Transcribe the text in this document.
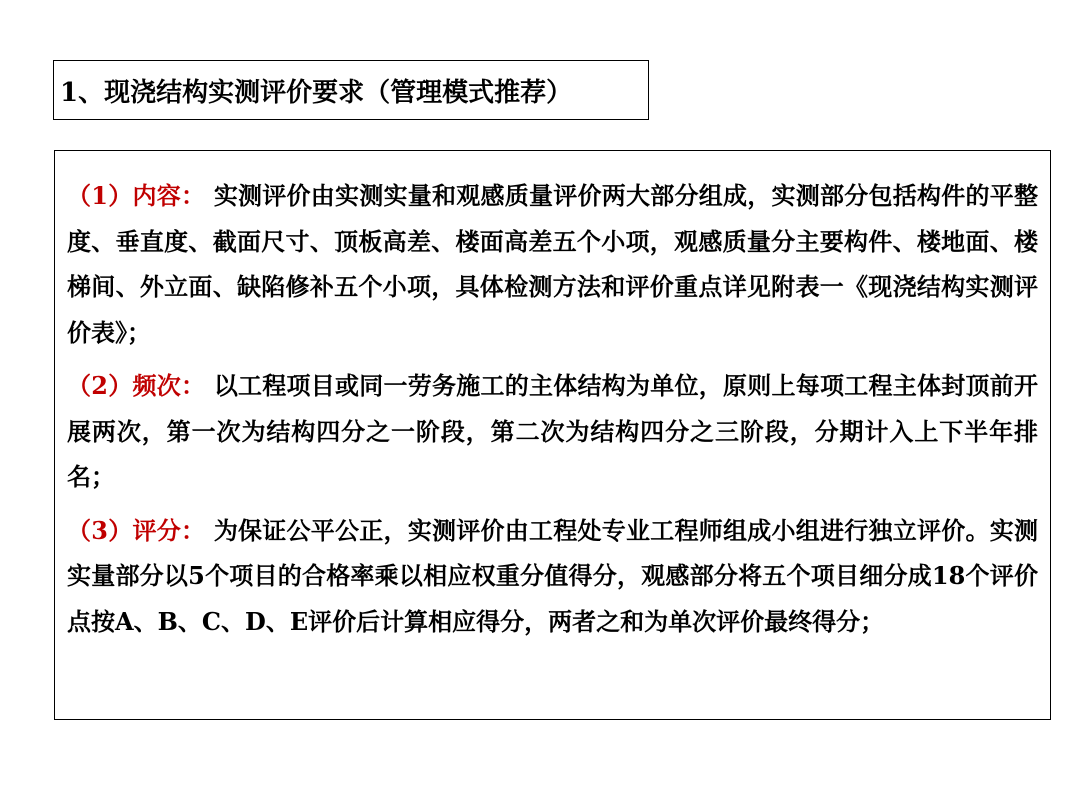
1、现浇结构实测评价要求（管理模式推荐）

（1）内容： 实测评价由实测实量和观感质量评价两大部分组成，实测部分包括构件的平整度、垂直度、截面尺寸、顶板高差、楼面高差五个小项，观感质量分主要构件、楼地面、楼梯间、外立面、缺陷修补五个小项，具体检测方法和评价重点详见附表一《现浇结构实测评价表》；

（2）频次： 以工程项目或同一劳务施工的主体结构为单位，原则上每项工程主体封顶前开展两次，第一次为结构四分之一阶段，第二次为结构四分之三阶段，分期计入上下半年排名；

（3）评分： 为保证公平公正，实测评价由工程处专业工程师组成小组进行独立评价。实测实量部分以5个项目的合格率乘以相应权重分值得分，观感部分将五个项目细分成18个评价点按A、B、C、D、E评价后计算相应得分，两者之和为单次评价最终得分；
